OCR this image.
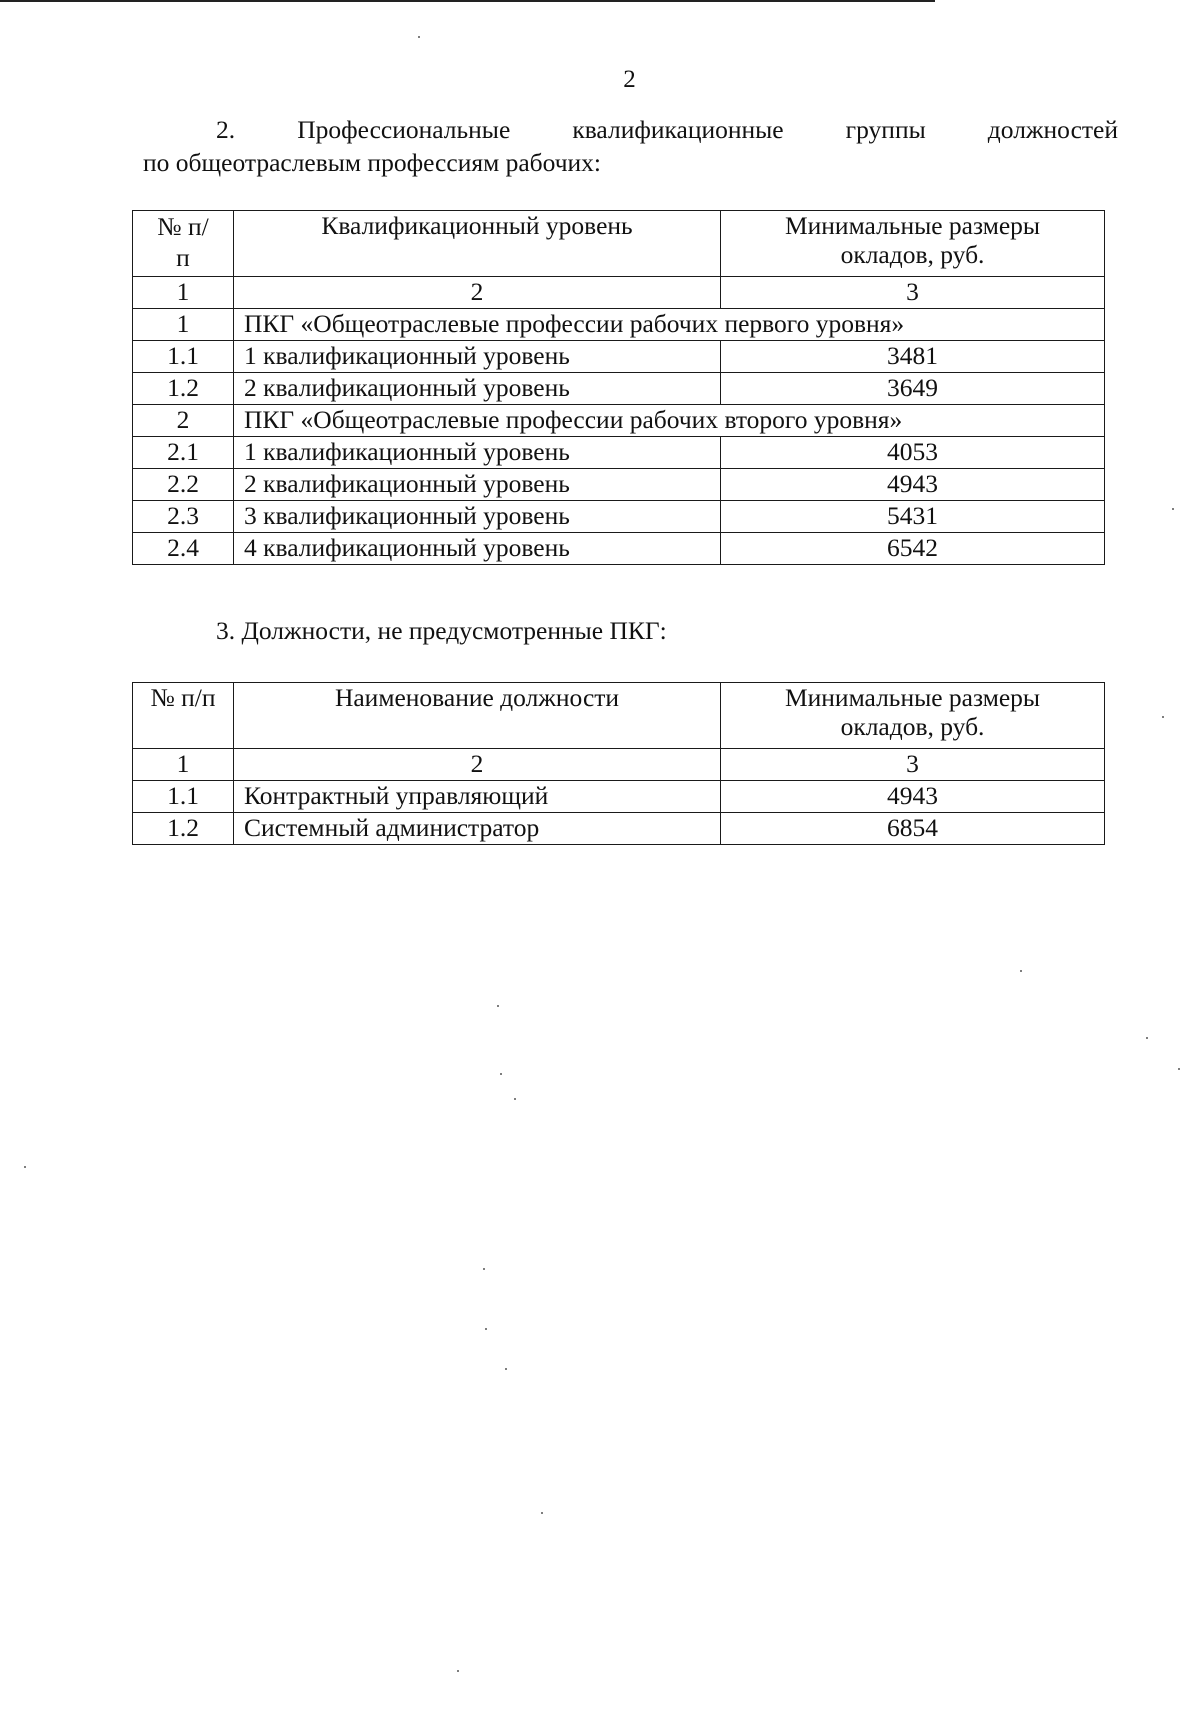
2
2. Профессиональные квалификационные группы должностей
по общеотраслевым профессиям рабочих:
№ п/п	Квалификационный уровень	Минимальные размеры
окладов, руб.

1	2	3
1	ПКГ «Общеотраслевые профессии рабочих первого уровня»	
1.1	1 квалификационный уровень	3481
1.2	2 квалификационный уровень	3649
2	ПКГ «Общеотраслевые профессии рабочих второго уровня»	
2.1	1 квалификационный уровень	4053
2.2	2 квалификационный уровень	4943
2.3	3 квалификационный уровень	5431
2.4	4 квалификационный уровень	6542
3. Должности, не предусмотренные ПКГ:
№ п/п	Наименование должности	Минимальные размеры
окладов, руб.

1	2	3
1.1	Контрактный управляющий	4943
1.2	Системный администратор	6854
